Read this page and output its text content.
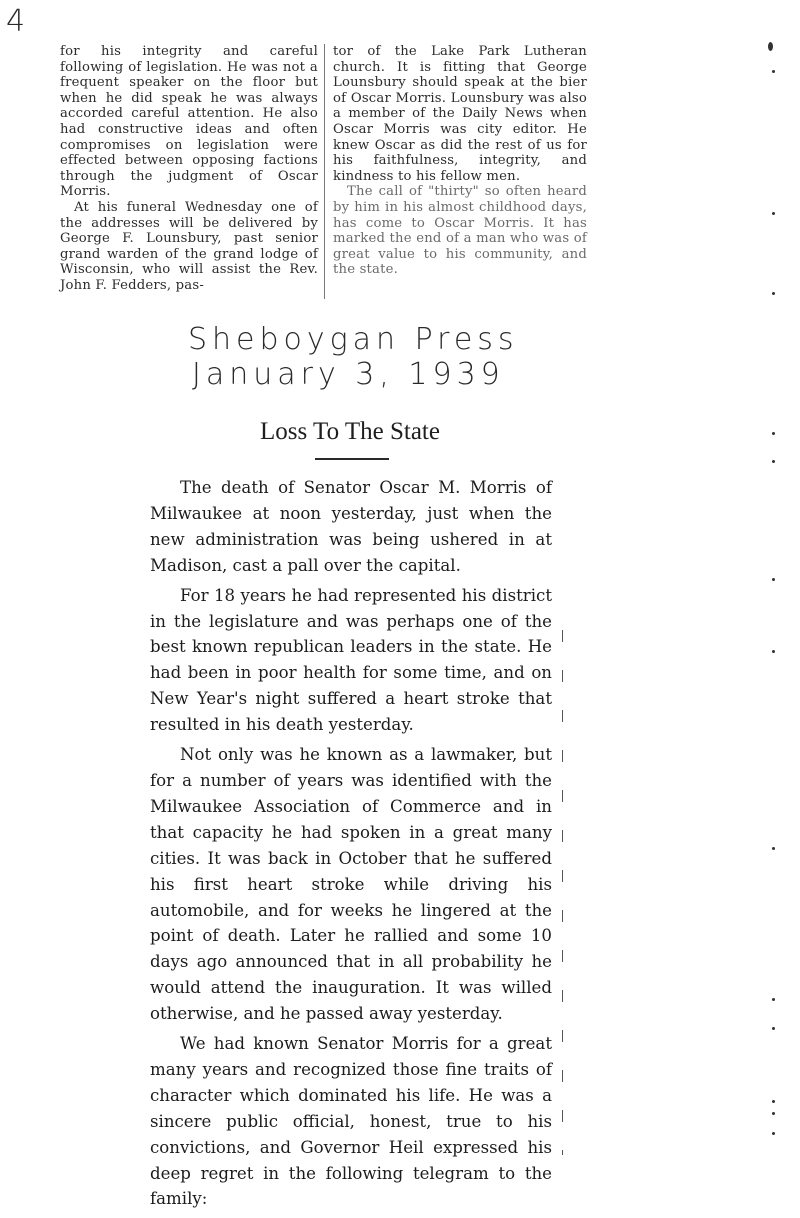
4

for his integrity and careful following of legislation. He was not a frequent speaker on the floor but when he did speak he was always accorded careful attention. He also had constructive ideas and often compromises on legislation were effected between opposing factions through the judgment of Oscar Morris.

At his funeral Wednesday one of the addresses will be delivered by George F. Lounsbury, past senior grand warden of the grand lodge of Wisconsin, who will assist the Rev. John F. Fedders, pas-

tor of the Lake Park Lutheran church. It is fitting that George Lounsbury should speak at the bier of Oscar Morris. Lounsbury was also a member of the Daily News when Oscar Morris was city editor. He knew Oscar as did the rest of us for his faithfulness, integrity, and kindness to his fellow men.

The call of "thirty" so often heard by him in his almost childhood days, has come to Oscar Morris. It has marked the end of a man who was of great value to his community, and the state.

Sheboygan Press
January 3, 1939
Loss To The State

The death of Senator Oscar M. Morris of Milwaukee at noon yesterday, just when the new administration was being ushered in at Madison, cast a pall over the capital.

For 18 years he had represented his district in the legislature and was perhaps one of the best known republican leaders in the state. He had been in poor health for some time, and on New Year's night suffered a heart stroke that resulted in his death yesterday.

Not only was he known as a lawmaker, but for a number of years was identified with the Milwaukee Association of Commerce and in that capacity he had spoken in a great many cities. It was back in October that he suffered his first heart stroke while driving his automobile, and for weeks he lingered at the point of death. Later he rallied and some 10 days ago announced that in all probability he would attend the inauguration. It was willed otherwise, and he passed away yesterday.

We had known Senator Morris for a great many years and recognized those fine traits of character which dominated his life. He was a sincere public official, honest, true to his convictions, and Governor Heil expressed his deep regret in the following telegram to the family:
